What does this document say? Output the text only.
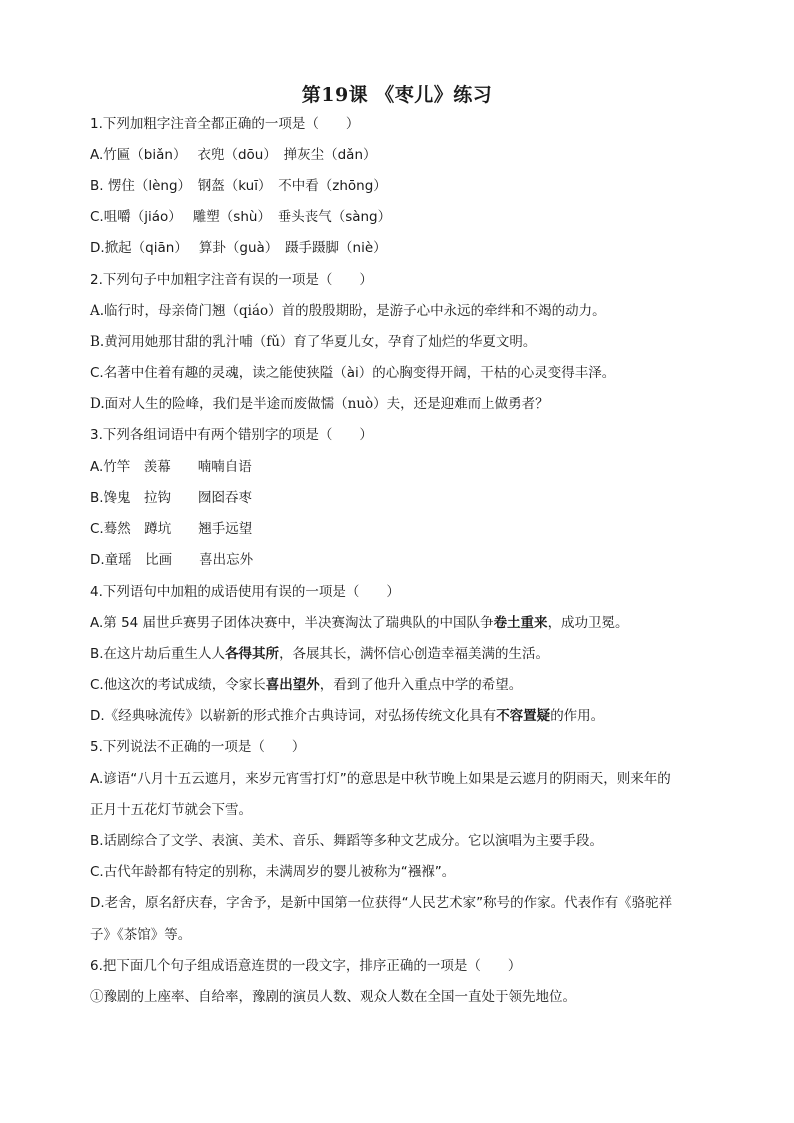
第19课 《枣儿》练习
1.下列加粗字注音全都正确的一项是（　　）
A.竹匾（biǎn）　 衣兜（dōu）　掸灰尘（dǎn）
B. 愣住（lèng）　钢盔（kuī）　不中看（zhōng）
C.咀嚼（jiáo）　 雕塑（shù）　垂头丧气（sàng）
D.掀起（qiān）　 算卦（guà）　蹑手蹑脚（niè）
2.下列句子中加粗字注音有误的一项是（　　）
A.临行时，母亲倚门翘（qiáo）首的殷殷期盼，是游子心中永远的牵绊和不竭的动力。
B.黄河用她那甘甜的乳汁哺（fǔ）育了华夏儿女，孕育了灿烂的华夏文明。
C.名著中住着有趣的灵魂，读之能使狭隘（ài）的心胸变得开阔，干枯的心灵变得丰泽。
D.面对人生的险峰，我们是半途而废做懦（nuò）夫，还是迎难而上做勇者？
3.下列各组词语中有两个错别字的项是（　　）
A.竹竿　羡幕　　喃喃自语
B.馋鬼　拉钩　　囫囵吞枣
C.蓦然　蹲坑　　翘手远望
D.童瑶　比画　　喜出忘外
4.下列语句中加粗的成语使用有误的一项是（　　）
A.第 54 届世乒赛男子团体决赛中，半决赛淘汰了瑞典队的中国队争卷土重来，成功卫冕。
B.在这片劫后重生人人各得其所，各展其长，满怀信心创造幸福美满的生活。
C.他这次的考试成绩，令家长喜出望外，看到了他升入重点中学的希望。
D.《经典咏流传》以崭新的形式推介古典诗词，对弘扬传统文化具有不容置疑的作用。
5.下列说法不正确的一项是（　　）
A.谚语“八月十五云遮月，来岁元宵雪打灯”的意思是中秋节晚上如果是云遮月的阴雨天，则来年的
正月十五花灯节就会下雪。
B.话剧综合了文学、表演、美术、音乐、舞蹈等多种文艺成分。它以演唱为主要手段。
C.古代年龄都有特定的别称，未满周岁的婴儿被称为“襁褓”。
D.老舍，原名舒庆春，字舍予，是新中国第一位获得“人民艺术家”称号的作家。代表作有《骆驼祥
子》《茶馆》等。
6.把下面几个句子组成语意连贯的一段文字，排序正确的一项是（　　）
①豫剧的上座率、自给率，豫剧的演员人数、观众人数在全国一直处于领先地位。
